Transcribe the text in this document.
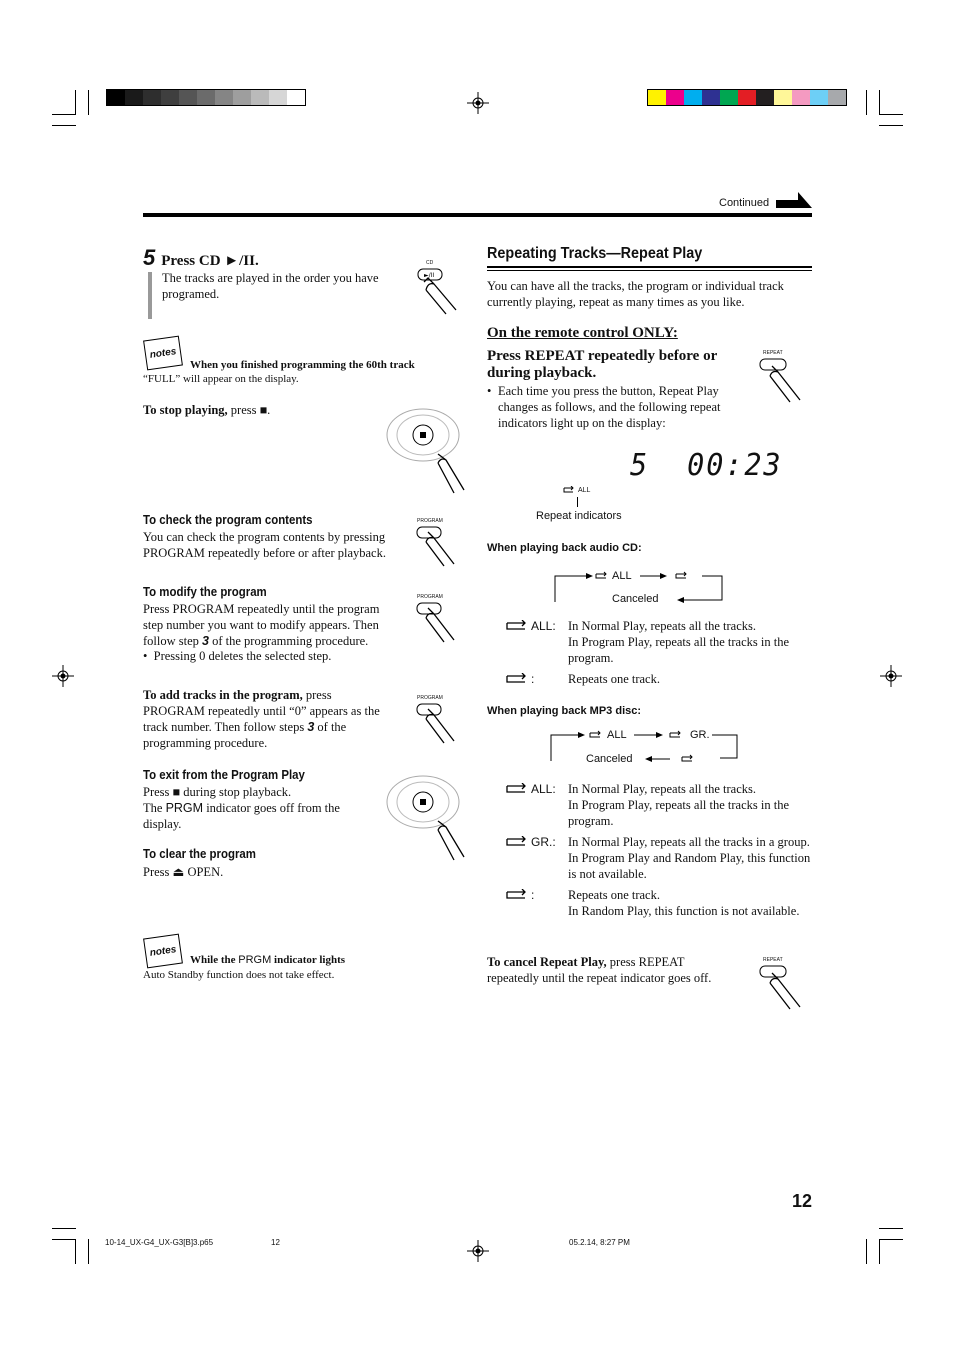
Continued
5 Press CD ►/II.
The tracks are played in the order you have programed.
CD
►/II
notes
When you finished programming the 60th track
“FULL” will appear on the display.
To stop playing, press ■.
To check the program contents
You can check the program contents by pressing PROGRAM repeatedly before or after playback.
PROGRAM
To modify the program
Press PROGRAM repeatedly until the program step number you want to modify appears. Then follow step 3 of the programming procedure.
•  Pressing 0 deletes the selected step.
PROGRAM
To add tracks in the program, press PROGRAM repeatedly until “0” appears as the track number. Then follow steps 3 of the programming procedure.
PROGRAM
To exit from the Program Play
Press ■ during stop playback.
The PRGM indicator goes off from the display.
To clear the program
Press ⏏ OPEN.
notes
While the PRGM indicator lights
Auto Standby function does not take effect.
Repeating Tracks—Repeat Play
You can have all the tracks, the program or individual track currently playing, repeat as many times as you like.
On the remote control ONLY:
Press REPEAT repeatedly before or during playback.
• Each time you press the button, Repeat Play changes as follows, and the following repeat indicators light up on the display:
REPEAT
5  00:23
ALL
Repeat indicators
When playing back audio CD:
ALL
Canceled
ALL: In Normal Play, repeats all the tracks.
In Program Play, repeats all the tracks in the program.
:	Repeats one track.
When playing back MP3 disc:
ALL	GR.
Canceled
ALL: In Normal Play, repeats all the tracks.
In Program Play, repeats all the tracks in the program.
GR.: In Normal Play, repeats all the tracks in a group.
In Program Play and Random Play, this function is not available.
:	Repeats one track.
In Random Play, this function is not available.
To cancel Repeat Play, press REPEAT repeatedly until the repeat indicator goes off.
REPEAT
12
10-14_UX-G4_UX-G3[B]3.p65	12	05.2.14, 8:27 PM
